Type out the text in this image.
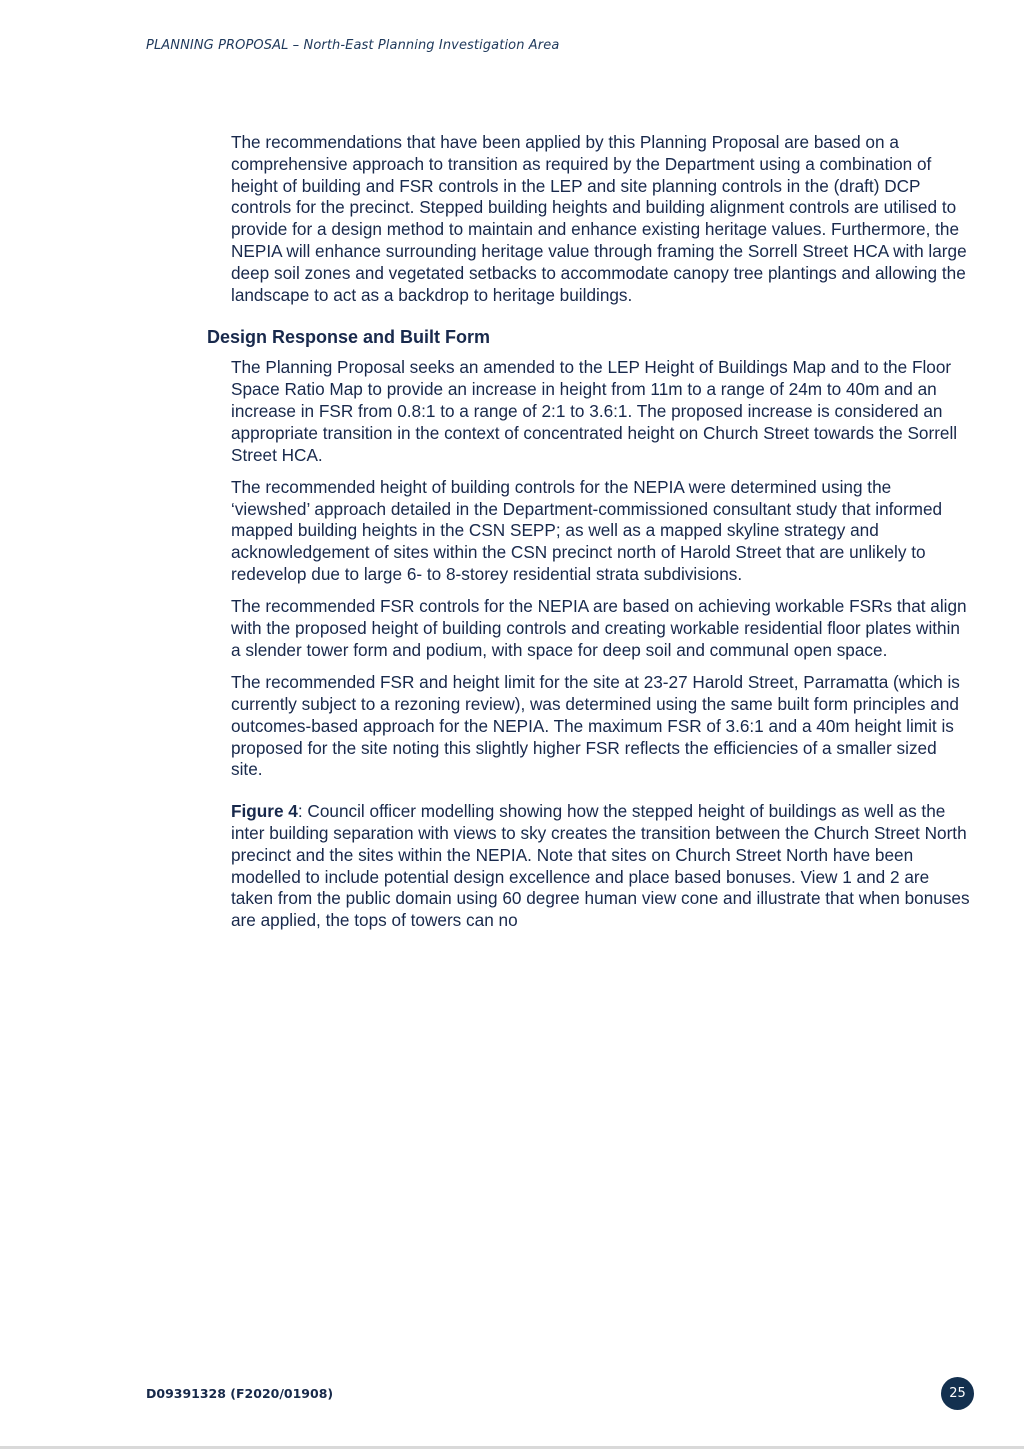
PLANNING PROPOSAL – North-East Planning Investigation Area

The recommendations that have been applied by this Planning Proposal are based on a comprehensive approach to transition as required by the Department using a combination of height of building and FSR controls in the LEP and site planning controls in the (draft) DCP controls for the precinct. Stepped building heights and building alignment controls are utilised to provide for a design method to maintain and enhance existing heritage values. Furthermore, the NEPIA will enhance surrounding heritage value through framing the Sorrell Street HCA with large deep soil zones and vegetated setbacks to accommodate canopy tree plantings and allowing the landscape to act as a backdrop to heritage buildings.

Design Response and Built Form

The Planning Proposal seeks an amended to the LEP Height of Buildings Map and to the Floor Space Ratio Map to provide an increase in height from 11m to a range of 24m to 40m and an increase in FSR from 0.8:1 to a range of 2:1 to 3.6:1. The proposed increase is considered an appropriate transition in the context of concentrated height on Church Street towards the Sorrell Street HCA.

The recommended height of building controls for the NEPIA were determined using the ‘viewshed’ approach detailed in the Department-commissioned consultant study that informed mapped building heights in the CSN SEPP; as well as a mapped skyline strategy and acknowledgement of sites within the CSN precinct north of Harold Street that are unlikely to redevelop due to large 6- to 8-storey residential strata subdivisions.

The recommended FSR controls for the NEPIA are based on achieving workable FSRs that align with the proposed height of building controls and creating workable residential floor plates within a slender tower form and podium, with space for deep soil and communal open space.

The recommended FSR and height limit for the site at 23-27 Harold Street, Parramatta (which is currently subject to a rezoning review), was determined using the same built form principles and outcomes-based approach for the NEPIA. The maximum FSR of 3.6:1 and a 40m height limit is proposed for the site noting this slightly higher FSR reflects the efficiencies of a smaller sized site.

Figure 4: Council officer modelling showing how the stepped height of buildings as well as the inter building separation with views to sky creates the transition between the Church Street North precinct and the sites within the NEPIA. Note that sites on Church Street North have been modelled to include potential design excellence and place based bonuses. View 1 and 2 are taken from the public domain using 60 degree human view cone and illustrate that when bonuses are applied, the tops of towers can no

D09391328 (F2020/01908)	25
